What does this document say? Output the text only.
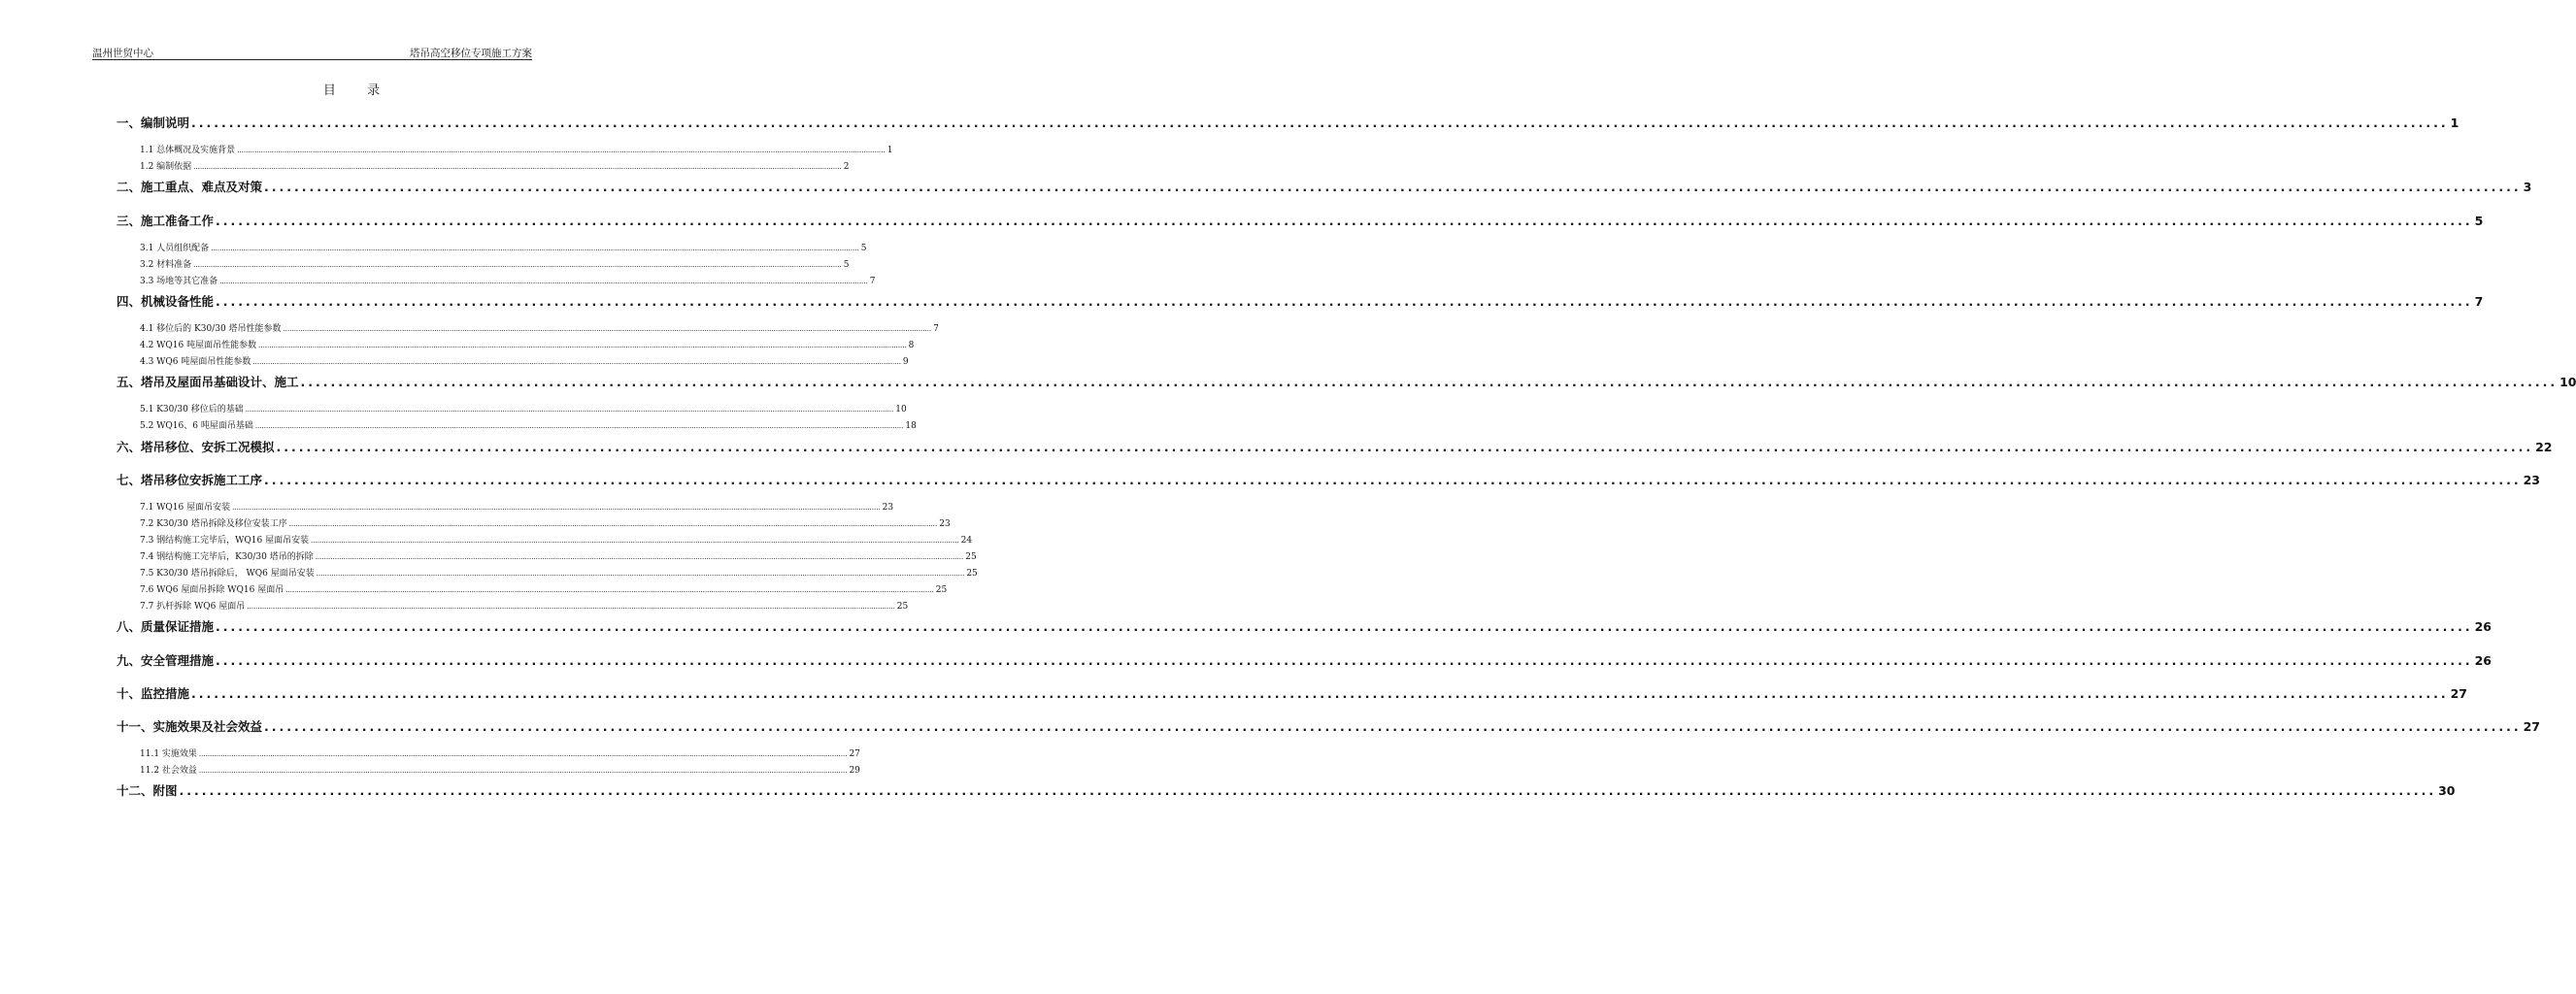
温州世贸中心	塔吊高空移位专项施工方案
目 录
一、编制说明 ............................................................................................................................................................................................................................................................................................................ 1
1.1 总体概况及实施背景 ............................................................................................................................................................................................................................................................................................................ 1
1.2 编制依据 ............................................................................................................................................................................................................................................................................................................ 2
二、施工重点、难点及对策 ............................................................................................................................................................................................................................................................................................................ 3
三、施工准备工作 ............................................................................................................................................................................................................................................................................................................ 5
3.1 人员组织配备 ............................................................................................................................................................................................................................................................................................................ 5
3.2 材料准备 ............................................................................................................................................................................................................................................................................................................ 5
3.3 场地等其它准备 ............................................................................................................................................................................................................................................................................................................ 7
四、机械设备性能 ............................................................................................................................................................................................................................................................................................................ 7
4.1 移位后的 K30/30 塔吊性能参数 ............................................................................................................................................................................................................................................................................................................ 7
4.2 WQ16 吨屋面吊性能参数 ............................................................................................................................................................................................................................................................................................................ 8
4.3 WQ6 吨屋面吊性能参数 ............................................................................................................................................................................................................................................................................................................ 9
五、塔吊及屋面吊基础设计、施工 ............................................................................................................................................................................................................................................................................................................ 10
5.1 K30/30 移位后的基础 ............................................................................................................................................................................................................................................................................................................ 10
5.2 WQ16、6 吨屋面吊基础 ............................................................................................................................................................................................................................................................................................................ 18
六、塔吊移位、安拆工况模拟 ............................................................................................................................................................................................................................................................................................................ 22
七、塔吊移位安拆施工工序 ............................................................................................................................................................................................................................................................................................................ 23
7.1 WQ16 屋面吊安装 ............................................................................................................................................................................................................................................................................................................ 23
7.2 K30/30 塔吊拆除及移位安装工序 ............................................................................................................................................................................................................................................................................................................ 23
7.3 钢结构施工完毕后，WQ16 屋面吊安装 ............................................................................................................................................................................................................................................................................................................ 24
7.4 钢结构施工完毕后，K30/30 塔吊的拆除 ............................................................................................................................................................................................................................................................................................................ 25
7.5 K30/30 塔吊拆除后， WQ6 屋面吊安装 ............................................................................................................................................................................................................................................................................................................ 25
7.6 WQ6 屋面吊拆除 WQ16 屋面吊 ............................................................................................................................................................................................................................................................................................................ 25
7.7 扒杆拆除 WQ6 屋面吊 ............................................................................................................................................................................................................................................................................................................ 25
八、质量保证措施 ............................................................................................................................................................................................................................................................................................................ 26
九、安全管理措施 ............................................................................................................................................................................................................................................................................................................ 26
十、监控措施 ............................................................................................................................................................................................................................................................................................................ 27
十一、实施效果及社会效益 ............................................................................................................................................................................................................................................................................................................ 27
11.1 实施效果 ............................................................................................................................................................................................................................................................................................................ 27
11.2 社会效益 ............................................................................................................................................................................................................................................................................................................ 29
十二、附图 ............................................................................................................................................................................................................................................................................................................ 30
